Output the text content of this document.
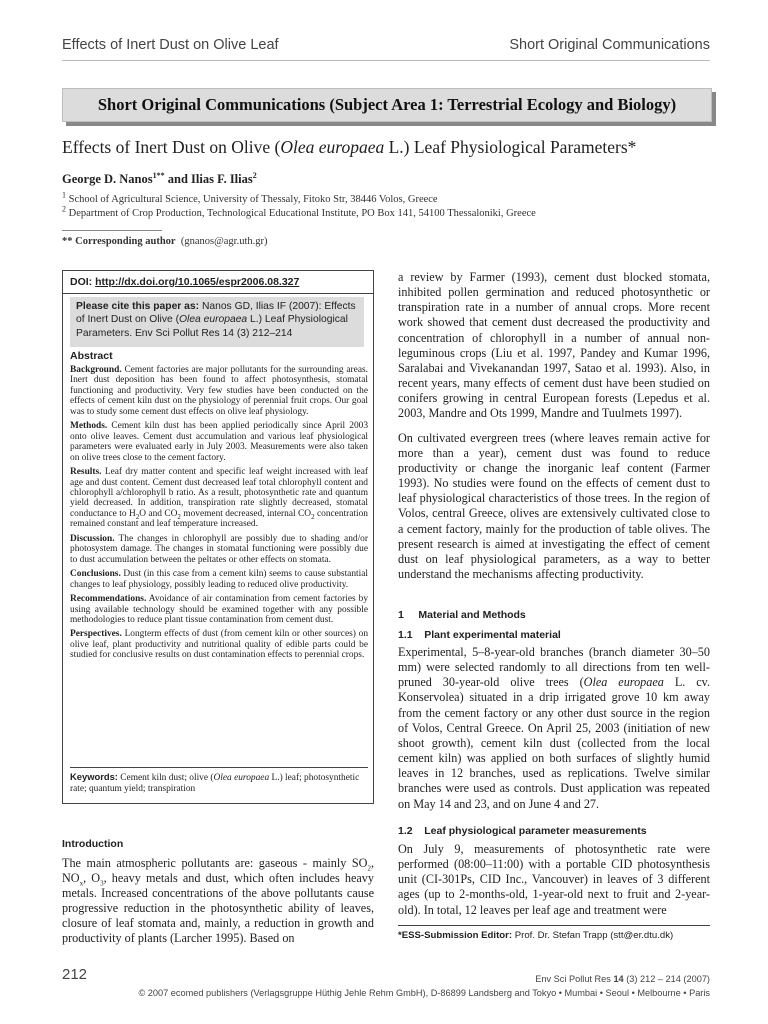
Effects of Inert Dust on Olive Leaf	Short Original Communications
Short Original Communications (Subject Area 1: Terrestrial Ecology and Biology)
Effects of Inert Dust on Olive (Olea europaea L.) Leaf Physiological Parameters*
George D. Nanos$^{1**}$ and Ilias F. Ilias$^2$
$^1$ School of Agricultural Science, University of Thessaly, Fitoko Str, 38446 Volos, Greece
$^2$ Department of Crop Production, Technological Educational Institute, PO Box 141, 54100 Thessaloniki, Greece
** Corresponding author (gnanos@agr.uth.gr)
DOI: http://dx.doi.org/10.1065/espr2006.08.327
Please cite this paper as: Nanos GD, Ilias IF (2007): Effects of Inert Dust on Olive (Olea europaea L.) Leaf Physiological Parameters. Env Sci Pollut Res 14 (3) 212–214
Abstract

Background. Cement factories are major pollutants for the surrounding areas. Inert dust deposition has been found to affect photosynthesis, stomatal functioning and productivity. Very few studies have been conducted on the effects of cement kiln dust on the physiology of perennial fruit crops. Our goal was to study some cement dust effects on olive leaf physiology.

Methods. Cement kiln dust has been applied periodically since April 2003 onto olive leaves. Cement dust accumulation and various leaf physiological parameters were evaluated early in July 2003. Measurements were also taken on olive trees close to the cement factory.

Results. Leaf dry matter content and specific leaf weight increased with leaf age and dust content. Cement dust decreased leaf total chlorophyll content and chlorophyll a/chlorophyll b ratio. As a result, photosynthetic rate and quantum yield decreased. In addition, transpiration rate slightly decreased, stomatal conductance to $H_2O$ and $CO_2$ movement decreased, internal $CO_2$ concentration remained constant and leaf temperature increased.

Discussion. The changes in chlorophyll are possibly due to shading and/or photosystem damage. The changes in stomatal functioning were possibly due to dust accumulation between the peltates or other effects on stomata.

Conclusions. Dust (in this case from a cement kiln) seems to cause substantial changes to leaf physiology, possibly leading to reduced olive productivity.

Recommendations. Avoidance of air contamination from cement factories by using available technology should be examined together with any possible methodologies to reduce plant tissue contamination from cement dust.

Perspectives. Longterm effects of dust (from cement kiln or other sources) on olive leaf, plant productivity and nutritional quality of edible parts could be studied for conclusive results on dust contamination effects to perennial crops.

Keywords: Cement kiln dust; olive (Olea europaea L.) leaf; photosynthetic rate; quantum yield; transpiration
Introduction

The main atmospheric pollutants are: gaseous - mainly $SO_2$, $NO_x$, $O_3$, heavy metals and dust, which often includes heavy metals. Increased concentrations of the above pollutants cause progressive reduction in the photosynthetic ability of leaves, closure of leaf stomata and, mainly, a reduction in growth and productivity of plants (Larcher 1995). Based on

a review by Farmer (1993), cement dust blocked stomata, inhibited pollen germination and reduced photosynthetic or transpiration rate in a number of annual crops. More recent work showed that cement dust decreased the productivity and concentration of chlorophyll in a number of annual non-leguminous crops (Liu et al. 1997, Pandey and Kumar 1996, Saralabai and Vivekanandan 1997, Satao et al. 1993). Also, in recent years, many effects of cement dust have been studied on conifers growing in central European forests (Lepedus et al. 2003, Mandre and Ots 1999, Mandre and Tuulmets 1997).

On cultivated evergreen trees (where leaves remain active for more than a year), cement dust was found to reduce productivity or change the inorganic leaf content (Farmer 1993). No studies were found on the effects of cement dust to leaf physiological characteristics of those trees. In the region of Volos, central Greece, olives are extensively cultivated close to a cement factory, mainly for the production of table olives. The present research is aimed at investigating the effect of cement dust on leaf physiological parameters, as a way to better understand the mechanisms affecting productivity.

1     Material and Methods
1.1    Plant experimental material

Experimental, 5–8-year-old branches (branch diameter 30–50 mm) were selected randomly to all directions from ten well-pruned 30-year-old olive trees (Olea europaea L. cv. Konservolea) situated in a drip irrigated grove 10 km away from the cement factory or any other dust source in the region of Volos, Central Greece. On April 25, 2003 (initiation of new shoot growth), cement kiln dust (collected from the local cement kiln) was applied on both surfaces of slightly humid leaves in 12 branches, used as replications. Twelve similar branches were used as controls. Dust application was repeated on May 14 and 23, and on June 4 and 27.

1.2    Leaf physiological parameter measurements

On July 9, measurements of photosynthetic rate were performed (08:00–11:00) with a portable CID photosynthesis unit (CI-301Ps, CID Inc., Vancouver) in leaves of 3 different ages (up to 2-months-old, 1-year-old next to fruit and 2-year-old). In total, 12 leaves per leaf age and treatment were

*ESS-Submission Editor: Prof. Dr. Stefan Trapp (stt@er.dtu.dk)
212	Env Sci Pollut Res 14 (3) 212 – 214 (2007)
© 2007 ecomed publishers (Verlagsgruppe Hüthig Jehle Rehm GmbH), D-86899 Landsberg and Tokyo • Mumbai • Seoul • Melbourne • Paris
